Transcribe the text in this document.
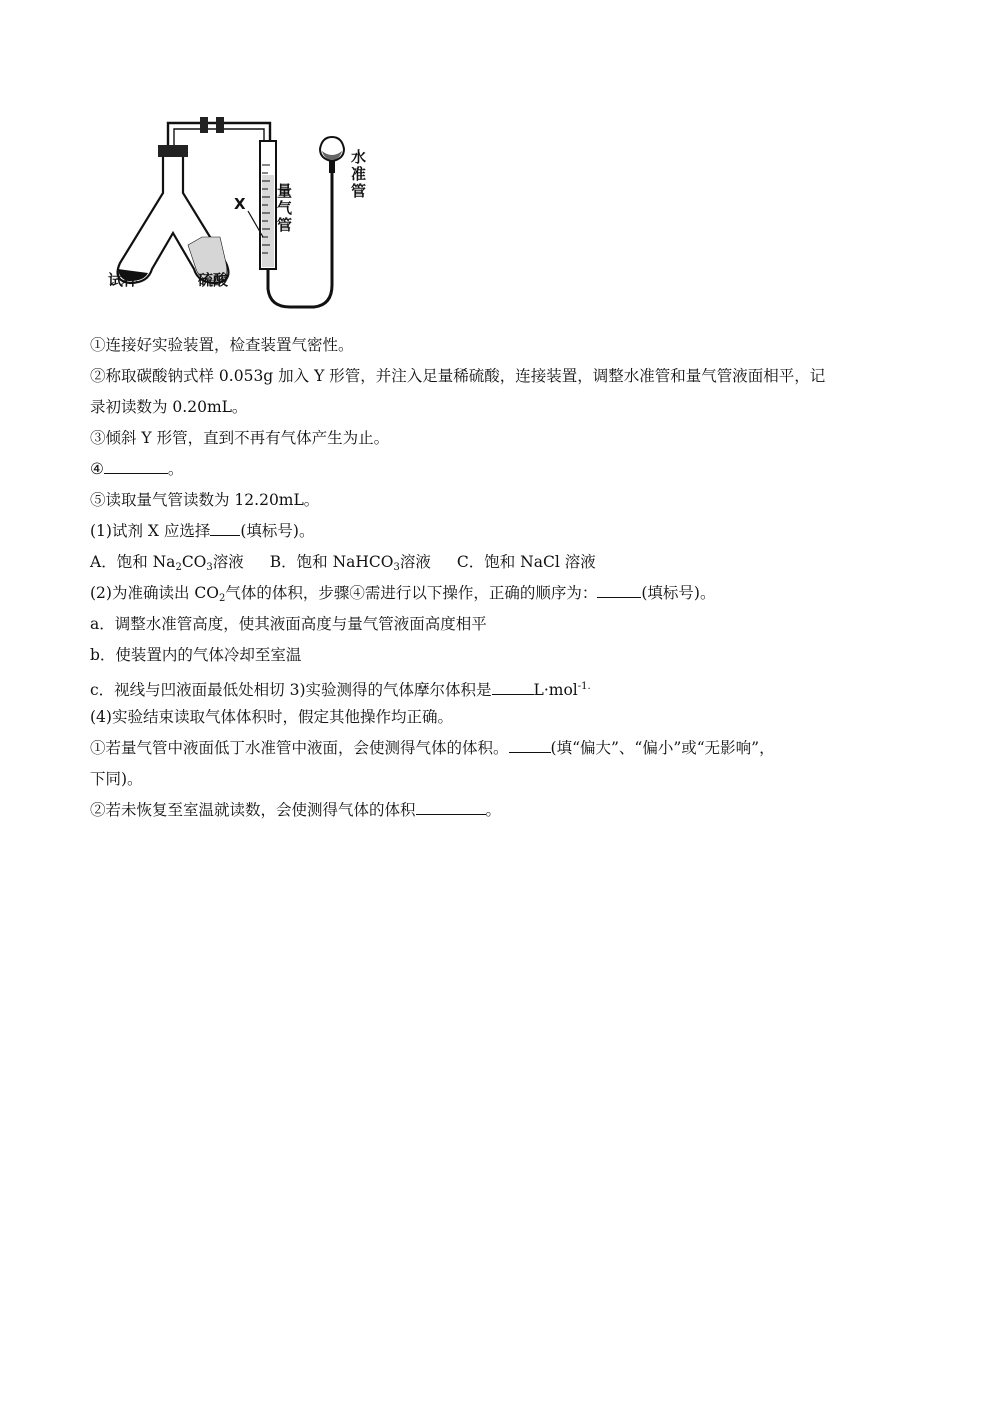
试样	硫酸
X 量气管
水准管
①连接好实验装置，检查装置气密性。
②称取碳酸钠式样 0.053g 加入 Y 形管，并注入足量稀硫酸，连接装置，调整水准管和量气管液面相平，记
录初读数为 0.20mL。
③倾斜 Y 形管，直到不再有气体产生为止。
④	。
⑤读取量气管读数为 12.20mL。
(1)试剂 X 应选择 (填标号)。
A．饱和 $Na_2CO_3$溶液 B．饱和 NaHCO$_3$溶液 C．饱和 NaCl 溶液
(2)为准确读出 $CO_2$气体的体积，步骤④需进行以下操作，正确的顺序为：	(填标号)。
a．调整水准管高度，使其液面高度与量气管液面高度相平
b．使装置内的气体冷却至室温
c．视线与凹液面最低处相切 3)实验测得的气体摩尔体积是	L·mol$^{-1.}$
(4)实验结束读取气体体积时，假定其他操作均正确。
①若量气管中液面低丁水准管中液面，会使测得气体的体积。	(填“偏大”、“偏小”或“无影响”，
下同)。
②若未恢复至室温就读数，会使测得气体的体积	。
